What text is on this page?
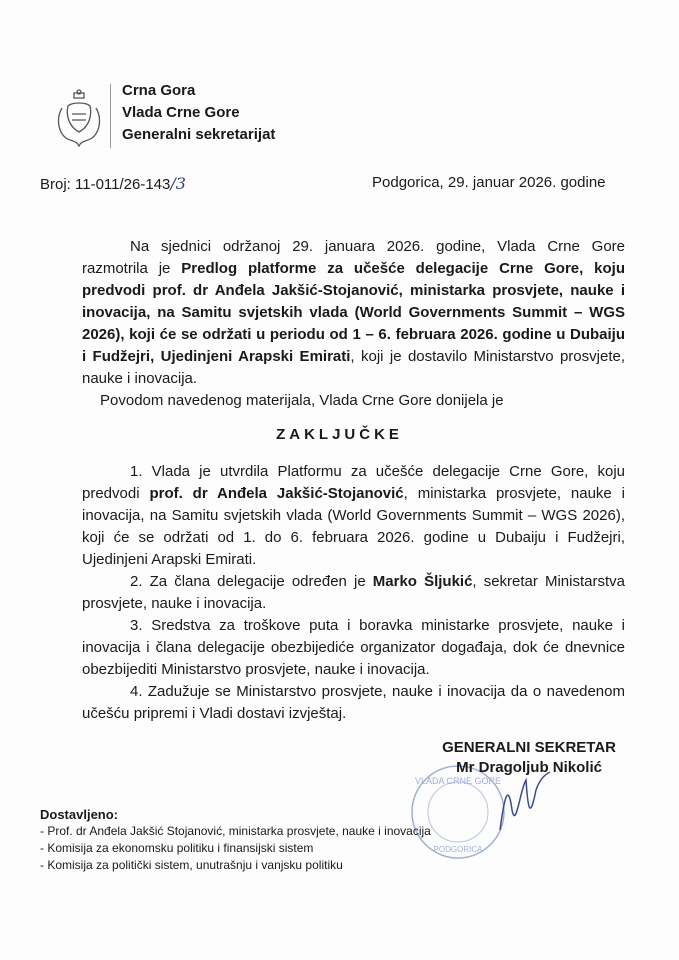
Crna Gora
Vlada Crne Gore
Generalni sekretarijat
Broj: 11-011/26-143/3	Podgorica, 29. januar 2026. godine
Na sjednici održanoj 29. januara 2026. godine, Vlada Crne Gore razmotrila je Predlog platforme za učešće delegacije Crne Gore, koju predvodi prof. dr Anđela Jakšić-Stojanović, ministarka prosvjete, nauke i inovacija, na Samitu svjetskih vlada (World Governments Summit – WGS 2026), koji će se održati u periodu od 1 – 6. februara 2026. godine u Dubaiju i Fudžejri, Ujedinjeni Arapski Emirati, koji je dostavilo Ministarstvo prosvjete, nauke i inovacija.
Povodom navedenog materijala, Vlada Crne Gore donijela je
ZAKLJUČKE
1. Vlada je utvrdila Platformu za učešće delegacije Crne Gore, koju predvodi prof. dr Anđela Jakšić-Stojanović, ministarka prosvjete, nauke i inovacija, na Samitu svjetskih vlada (World Governments Summit – WGS 2026), koji će se održati od 1. do 6. februara 2026. godine u Dubaiju i Fudžejri, Ujedinjeni Arapski Emirati.
2. Za člana delegacije određen je Marko Šljukić, sekretar Ministarstva prosvjete, nauke i inovacija.
3. Sredstva za troškove puta i boravka ministarke prosvjete, nauke i inovacija i člana delegacije obezbijediće organizator događaja, dok će dnevnice obezbijediti Ministarstvo prosvjete, nauke i inovacija.
4. Zadužuje se Ministarstvo prosvjete, nauke i inovacija da o navedenom učešću pripremi i Vladi dostavi izvještaj.
VLADA CRNE GORE
PODGORICA
GENERALNI SEKRETAR
Mr Dragoljub Nikolić
Dostavljeno:
- Prof. dr Anđela Jakšić Stojanović, ministarka prosvjete, nauke i inovacija
- Komisija za ekonomsku politiku i finansijski sistem
- Komisija za politički sistem, unutrašnju i vanjsku politiku
